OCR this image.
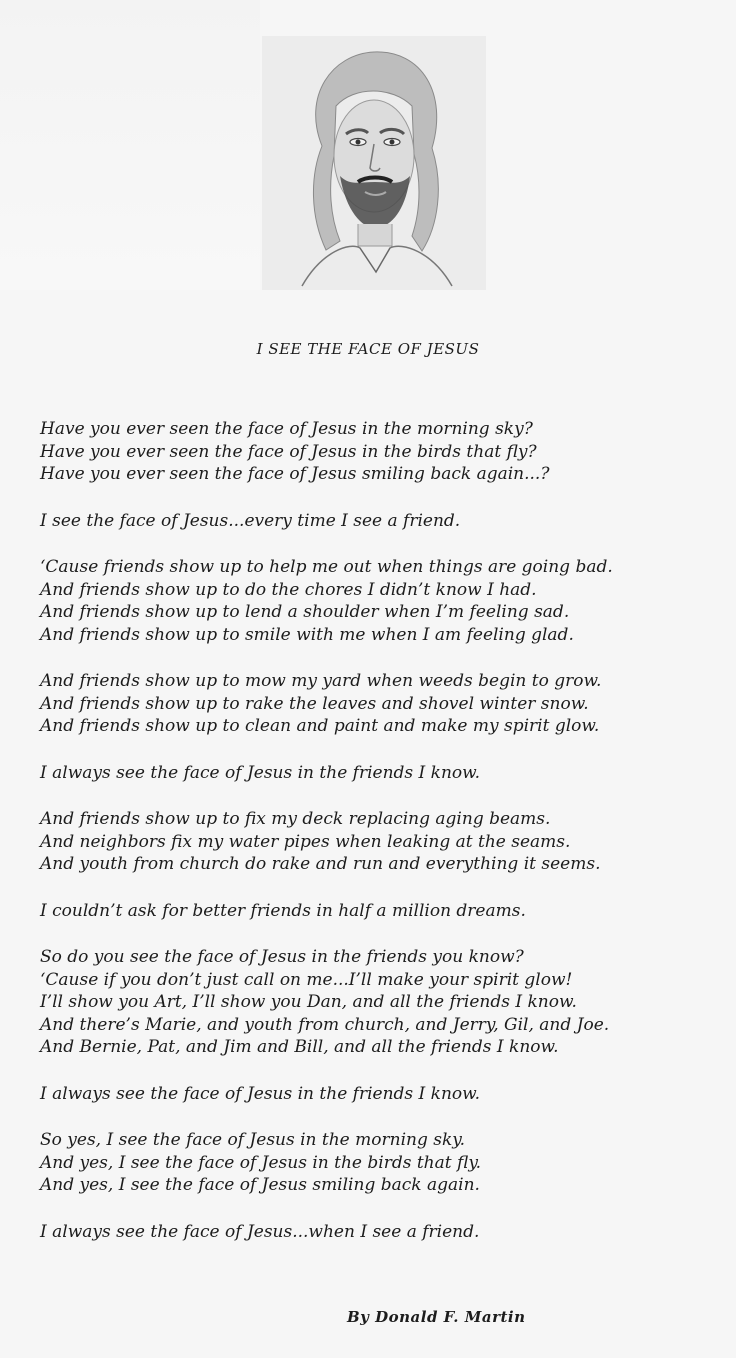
I SEE THE FACE OF JESUS
Have you ever seen the face of Jesus in the morning sky?
Have you ever seen the face of Jesus in the birds that fly?
Have you ever seen the face of Jesus smiling back again...?
I see the face of Jesus...every time I see a friend.
‘Cause friends show up to help me out when things are going bad.
And friends show up to do the chores I didn’t know I had.
And friends show up to lend a shoulder when I’m feeling sad.
And friends show up to smile with me when I am feeling glad.
And friends show up to mow my yard when weeds begin to grow.
And friends show up to rake the leaves and shovel winter snow.
And friends show up to clean and paint and make my spirit glow.
I always see the face of Jesus in the friends I know.
And friends show up to fix my deck replacing aging beams.
And neighbors fix my water pipes when leaking at the seams.
And youth from church do rake and run and everything it seems.
I couldn’t ask for better friends in half a million dreams.
So do you see the face of Jesus in the friends you know?
‘Cause if you don’t just call on me...I’ll make your spirit glow!
I’ll show you Art, I’ll show you Dan, and all the friends I know.
And there’s Marie, and youth from church, and Jerry, Gil, and Joe.
And Bernie, Pat, and Jim and Bill, and all the friends I know.
I always see the face of Jesus in the friends I know.
So yes, I see the face of Jesus in the morning sky.
And yes, I see the face of Jesus in the birds that fly.
And yes, I see the face of Jesus smiling back again.
I always see the face of Jesus...when I see a friend.
By Donald F. Martin
